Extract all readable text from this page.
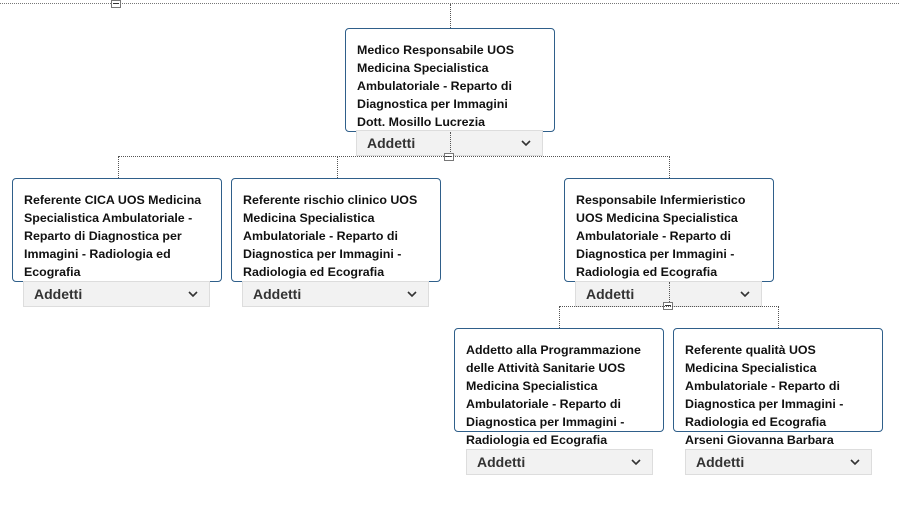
Medico Responsabile UOS
Medicina Specialistica
Ambulatoriale - Reparto di
Diagnostica per Immagini
Dott. Mosillo Lucrezia
Addetti
Referente CICA UOS Medicina
Specialistica Ambulatoriale -
Reparto di Diagnostica per
Immagini - Radiologia ed
Ecografia
Addetti
Referente rischio clinico UOS
Medicina Specialistica
Ambulatoriale - Reparto di
Diagnostica per Immagini -
Radiologia ed Ecografia
Addetti
Responsabile Infermieristico
UOS Medicina Specialistica
Ambulatoriale - Reparto di
Diagnostica per Immagini -
Radiologia ed Ecografia
Addetti
Addetto alla Programmazione
delle Attività Sanitarie UOS
Medicina Specialistica
Ambulatoriale - Reparto di
Diagnostica per Immagini -
Radiologia ed Ecografia
Addetti
Referente qualità UOS
Medicina Specialistica
Ambulatoriale - Reparto di
Diagnostica per Immagini -
Radiologia ed Ecografia
Arseni Giovanna Barbara
Addetti
